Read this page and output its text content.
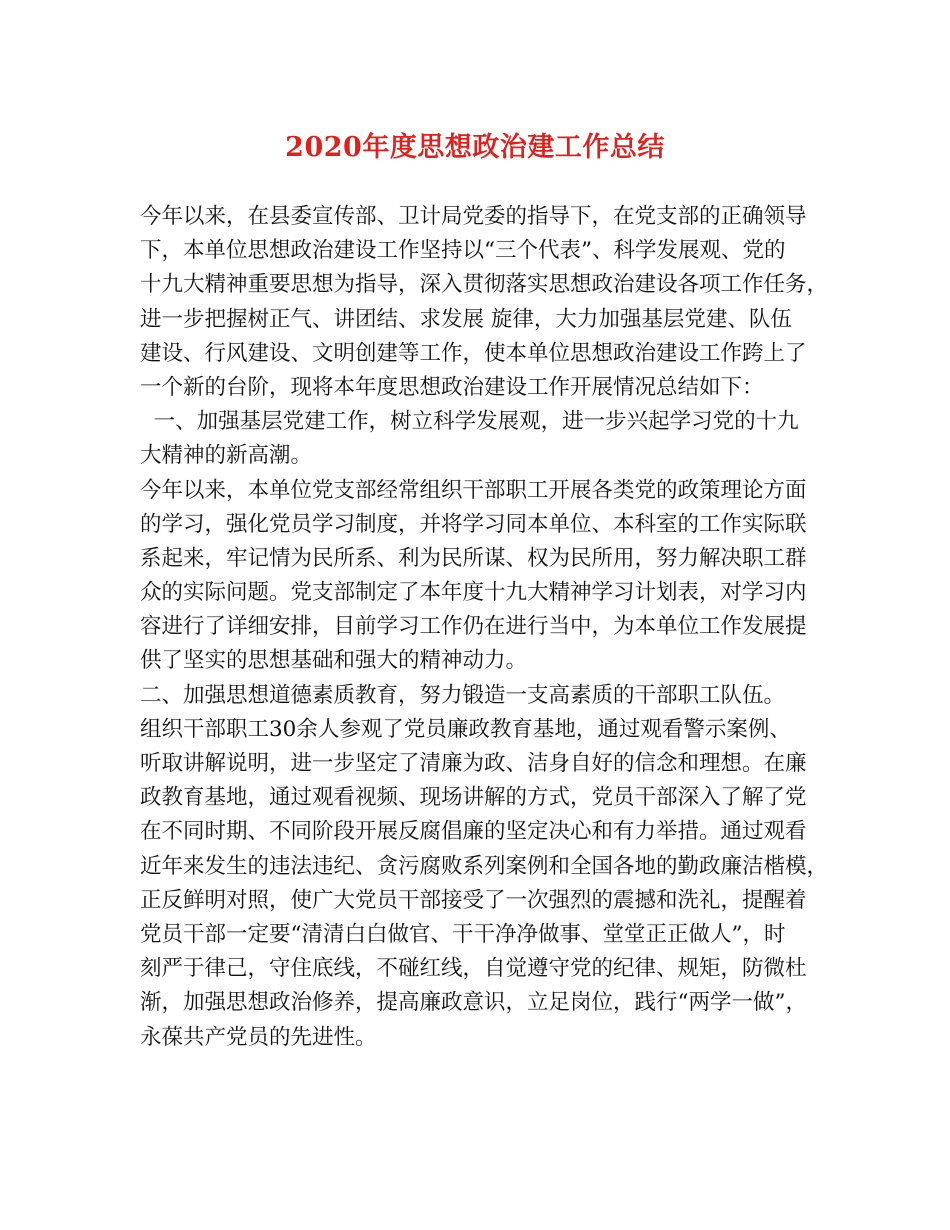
2020年度思想政治建工作总结
今年以来，在县委宣传部、卫计局党委的指导下，在党支部的正确领导
下，本单位思想政治建设工作坚持以“三个代表”、科学发展观、党的
十九大精神重要思想为指导，深入贯彻落实思想政治建设各项工作任务，
进一步把握树正气、讲团结、求发展 旋律，大力加强基层党建、队伍
建设、行风建设、文明创建等工作，使本单位思想政治建设工作跨上了
一个新的台阶，现将本年度思想政治建设工作开展情况总结如下：
一、加强基层党建工作，树立科学发展观，进一步兴起学习党的十九
大精神的新高潮。
今年以来，本单位党支部经常组织干部职工开展各类党的政策理论方面
的学习，强化党员学习制度，并将学习同本单位、本科室的工作实际联
系起来，牢记情为民所系、利为民所谋、权为民所用，努力解决职工群
众的实际问题。党支部制定了本年度十九大精神学习计划表，对学习内
容进行了详细安排，目前学习工作仍在进行当中，为本单位工作发展提
供了坚实的思想基础和强大的精神动力。
二、加强思想道德素质教育，努力锻造一支高素质的干部职工队伍。
组织干部职工30余人参观了党员廉政教育基地，通过观看警示案例、
听取讲解说明，进一步坚定了清廉为政、洁身自好的信念和理想。在廉
政教育基地，通过观看视频、现场讲解的方式，党员干部深入了解了党
在不同时期、不同阶段开展反腐倡廉的坚定决心和有力举措。通过观看
近年来发生的违法违纪、贪污腐败系列案例和全国各地的勤政廉洁楷模，
正反鲜明对照，使广大党员干部接受了一次强烈的震撼和洗礼，提醒着
党员干部一定要“清清白白做官、干干净净做事、堂堂正正做人”，时
刻严于律己，守住底线，不碰红线，自觉遵守党的纪律、规矩，防微杜
渐，加强思想政治修养，提高廉政意识，立足岗位，践行“两学一做”，
永葆共产党员的先进性。
